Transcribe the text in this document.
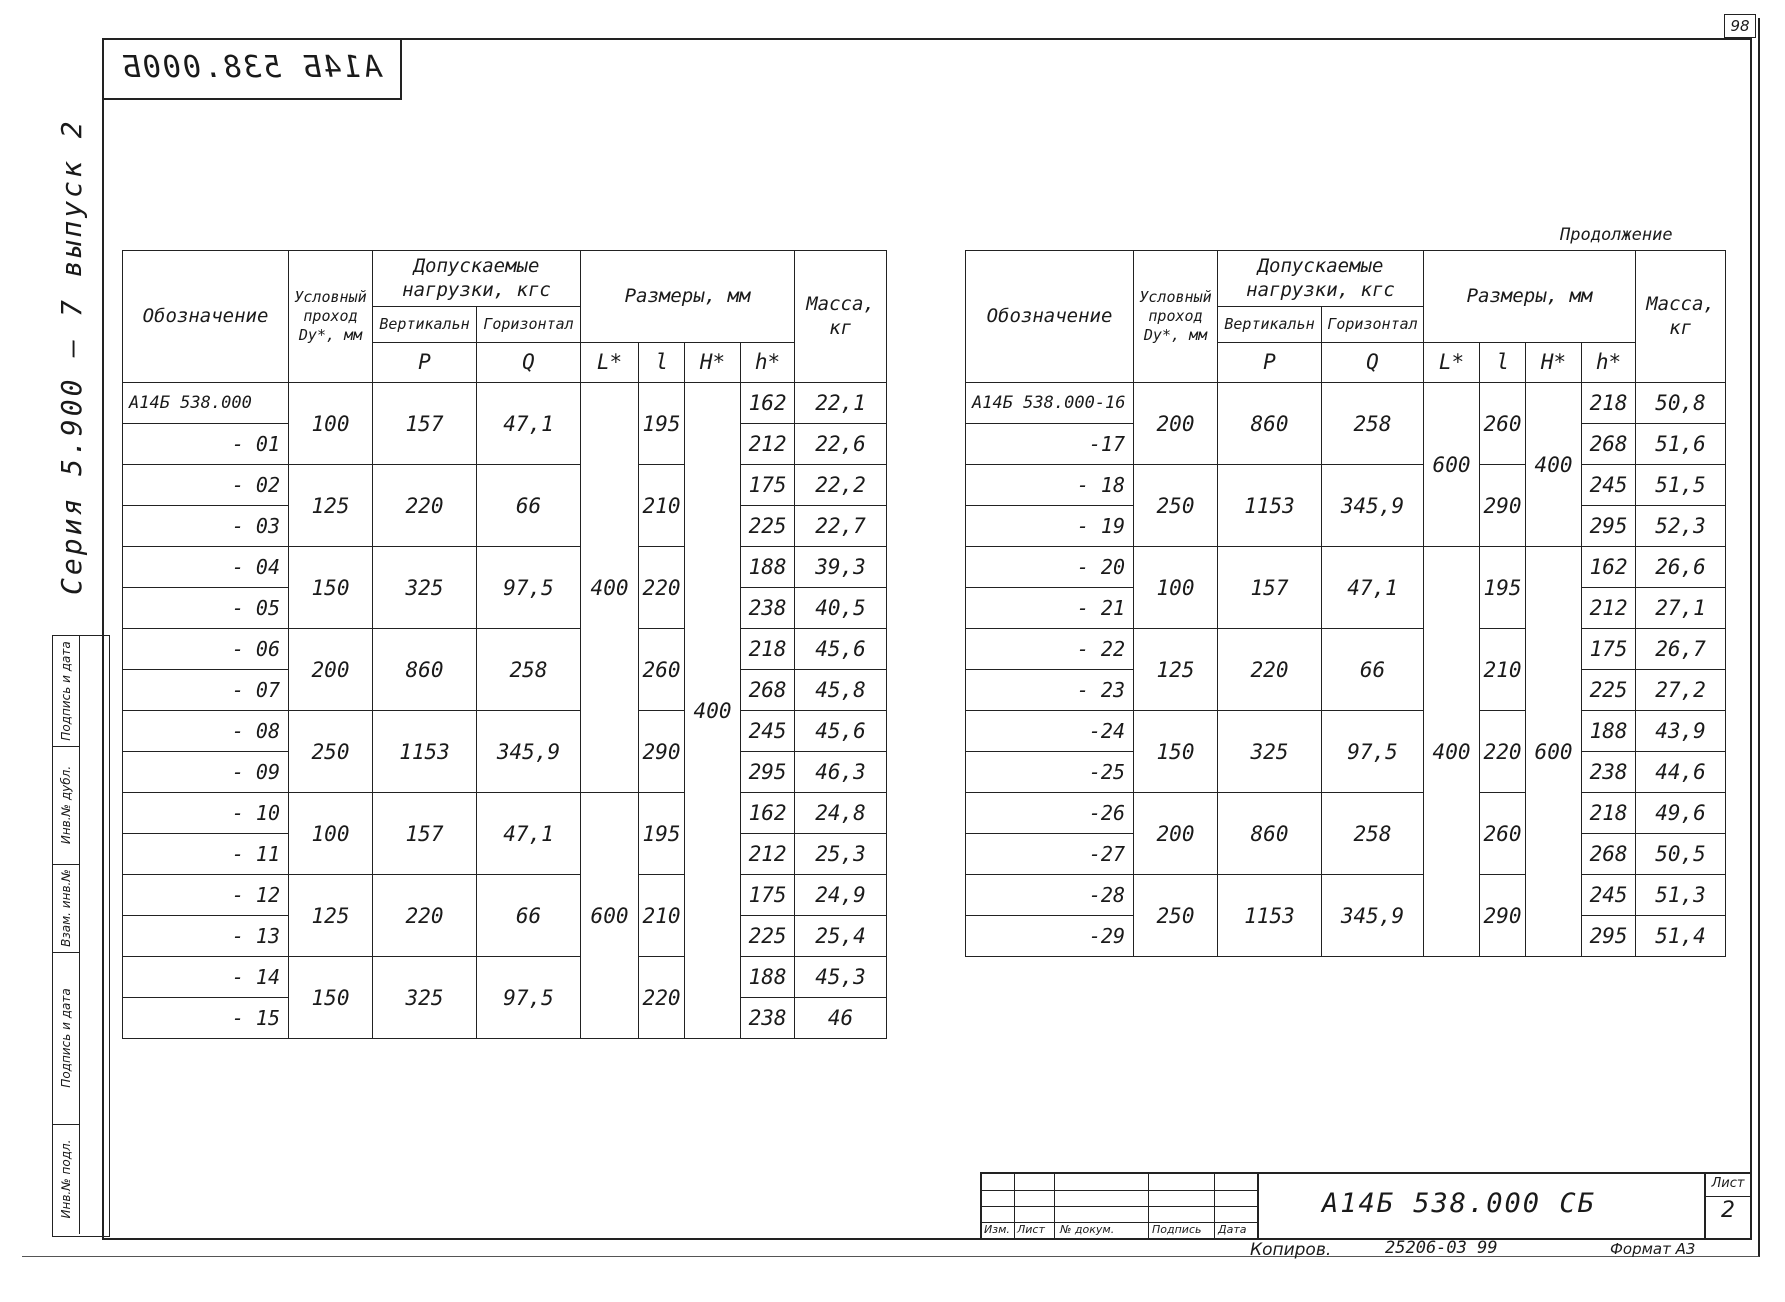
98
А14Б 538.000Б
Серия 5.900 — 7 выпуск 2
Подпись и дата
Инв.№ дубл.
Взам. инв.№
Подпись и дата
Инв.№ подл.
Обозначение	Условный проход Dу*, мм	Допускаемые нагрузки, кгс		Размеры, мм				Масса, кг
		Вертикальн	Горизонтал					
		P	Q	L*	l	H*	h*	
А14Б 538.000	100	157	47,1	400	195	400	162	22,1
- 01							212	22,6
- 02	125	220	66		210		175	22,2
- 03							225	22,7
- 04	150	325	97,5		220		188	39,3
- 05							238	40,5
- 06	200	860	258		260		218	45,6
- 07							268	45,8
- 08	250	1153	345,9		290		245	45,6
- 09							295	46,3
- 10	100	157	47,1	600	195		162	24,8
- 11							212	25,3
- 12	125	220	66		210		175	24,9
- 13							225	25,4
- 14	150	325	97,5		220		188	45,3
- 15							238	46
Продолжение
Обозначение	Условный проход Dу*, мм	Допускаемые нагрузки, кгс		Размеры, мм				Масса, кг
		Вертикальн	Горизонтал					
		P	Q	L*	l	H*	h*	
А14Б 538.000-16	200	860	258	600	260	400	218	50,8
-17							268	51,6
- 18	250	1153	345,9		290		245	51,5
- 19							295	52,3
- 20	100	157	47,1	400	195	600	162	26,6
- 21							212	27,1
- 22	125	220	66		210		175	26,7
- 23							225	27,2
-24	150	325	97,5		220		188	43,9
-25							238	44,6
-26	200	860	258		260		218	49,6
-27							268	50,5
-28	250	1153	345,9		290		245	51,3
-29							295	51,4
Изм. Лист № докум.	Подпись Дата
А14Б 538.000 СБ
Лист
2
Копиров.	25206-03 99	Формат А3
